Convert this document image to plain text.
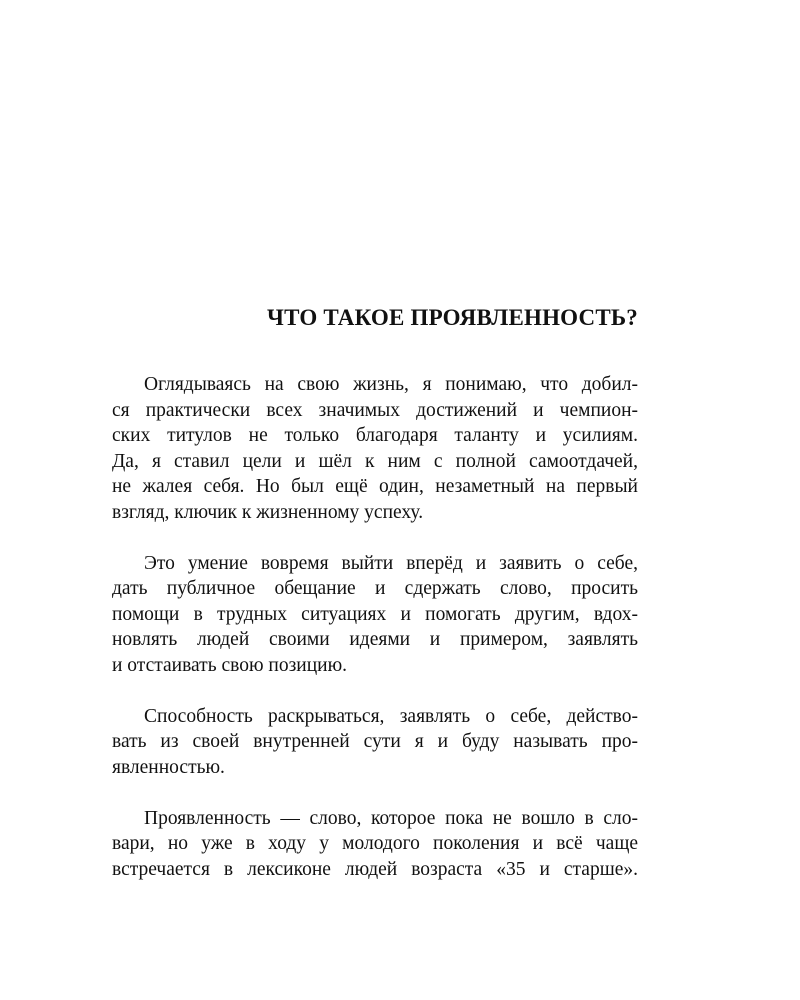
ЧТО ТАКОЕ ПРОЯВЛЕННОСТЬ?

Оглядываясь на свою жизнь, я понимаю, что добил-
ся практически всех значимых достижений и чемпион-
ских титулов не только благодаря таланту и усилиям.
Да, я ставил цели и шёл к ним с полной самоотдачей,
не жалея себя. Но был ещё один, незаметный на первый
взгляд, ключик к жизненному успеху.

Это умение вовремя выйти вперёд и заявить о себе,
дать публичное обещание и сдержать слово, просить
помощи в трудных ситуациях и помогать другим, вдох-
новлять людей своими идеями и примером, заявлять
и отстаивать свою позицию.

Способность раскрываться, заявлять о себе, действо-
вать из своей внутренней сути я и буду называть про-
явленностью.

Проявленность — слово, которое пока не вошло в сло-
вари, но уже в ходу у молодого поколения и всё чаще
встречается в лексиконе людей возраста «35 и старше».
